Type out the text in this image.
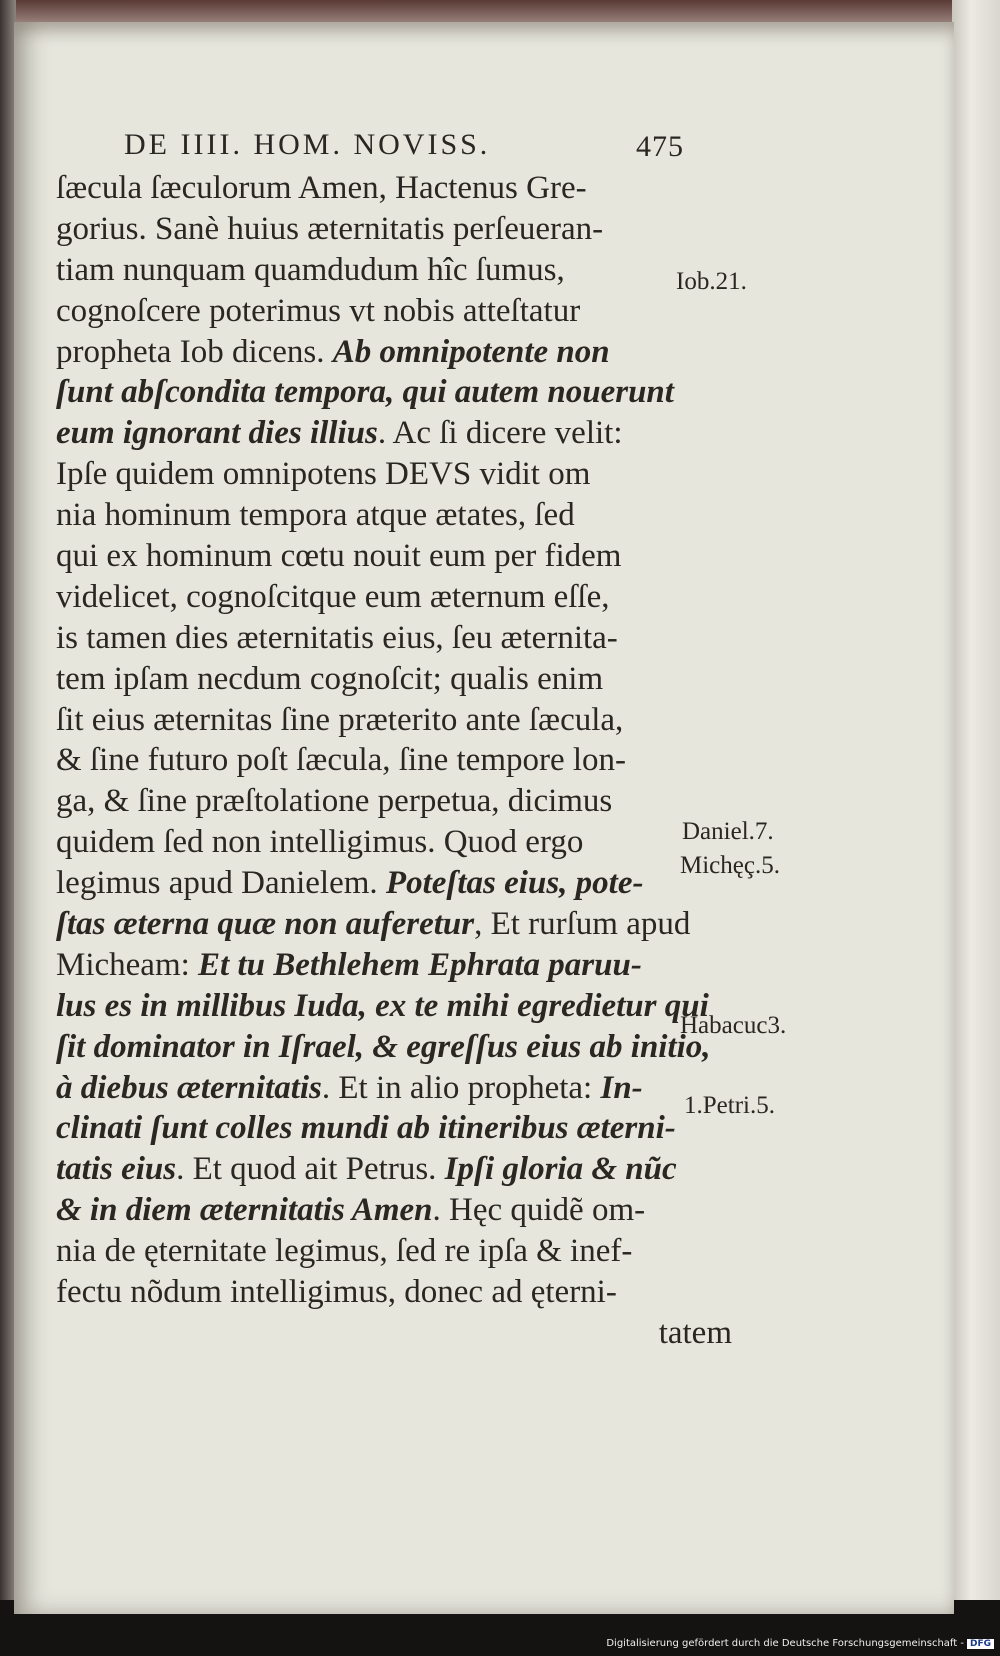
DE IIII. HOM. NOVISS.	475
ſæcula ſæculorum Amen, Hactenus Gre-
gorius. Sanè huius æternitatis perſeueran-
tiam nunquam quamdudum hîc ſumus,
cognoſcere poterimus vt nobis atteſtatur
propheta Iob dicens. Ab omnipotente non
ſunt abſcondita tempora, qui autem nouerunt
eum ignorant dies illius. Ac ſi dicere velit:
Ipſe quidem omnipotens DEVS vidit om
nia hominum tempora atque ætates, ſed
qui ex hominum cœtu nouit eum per fidem
videlicet, cognoſcitque eum æternum eſſe,
is tamen dies æternitatis eius, ſeu æternita-
tem ipſam necdum cognoſcit; qualis enim
ſit eius æternitas ſine præterito ante ſæcula,
& ſine futuro poſt ſæcula, ſine tempore lon-
ga, & ſine præſtolatione perpetua, dicimus
quidem ſed non intelligimus. Quod ergo
legimus apud Danielem. Poteſtas eius, pote-
ſtas æterna quæ non auferetur, Et rurſum apud
Micheam: Et tu Bethlehem Ephrata paruu-
lus es in millibus Iuda, ex te mihi egredietur qui
ſit dominator in Iſrael, & egreſſus eius ab initio,
à diebus æternitatis. Et in alio propheta: In-
clinati ſunt colles mundi ab itineribus æterni-
tatis eius. Et quod ait Petrus. Ipſi gloria & nũc
& in diem æternitatis Amen. Hęc quidẽ om-
nia de ęternitate legimus, ſed re ipſa & inef-
fectu nõdum intelligimus, donec ad ęterni-
tatem
Iob.21.
Daniel.7.
Michęç.5.
Habacuc3.
1.Petri.5.
Digitalisierung gefördert durch die Deutsche Forschungsgemeinschaft - DFG
